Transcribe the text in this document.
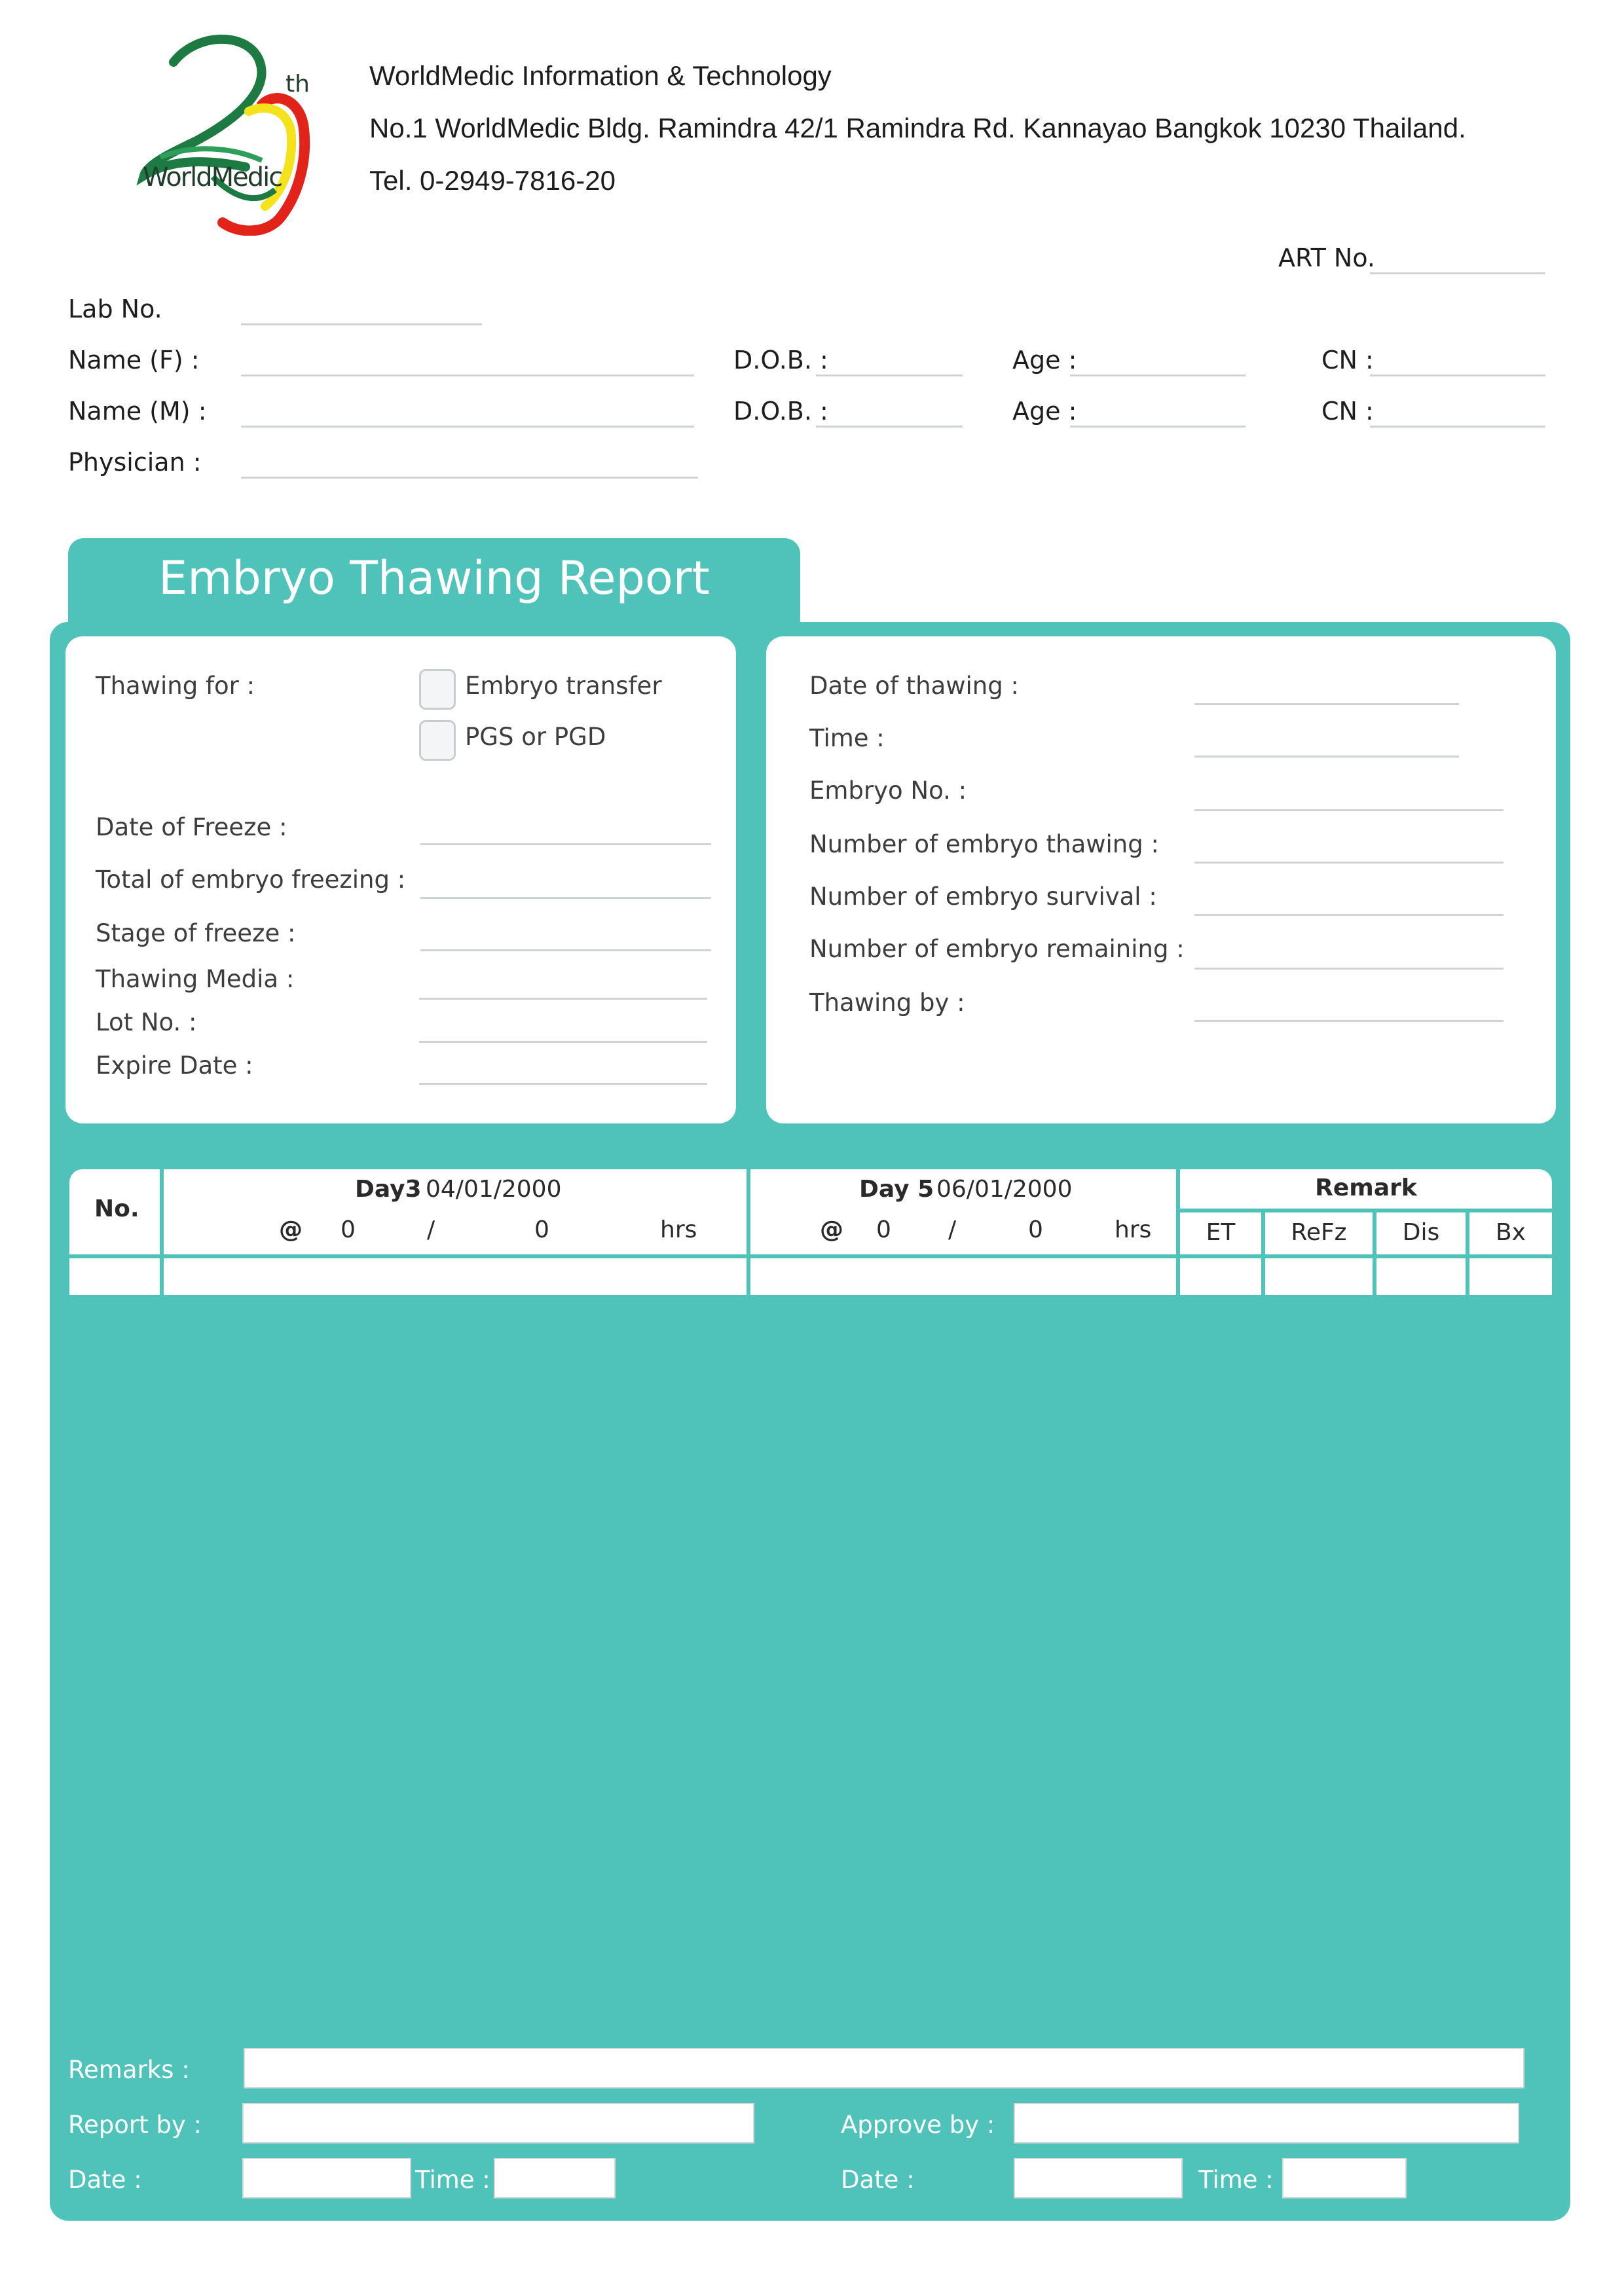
WorldMedic
th WorldMedic Information & Technology
No.1 WorldMedic Bldg. Ramindra 42/1 Ramindra Rd. Kannayao Bangkok 10230 Thailand.
Tel. 0-2949-7816-20
ART No.
Lab No.
Name (F) :	D.O.B. :	Age :	CN :
Name (M) :	D.O.B. :	Age :	CN :
Physician :
Embryo Thawing Report
Thawing for :	Embryo transfer
PGS or PGD
Date of Freeze :
Total of embryo freezing :
Stage of freeze :
Thawing Media :
Lot No. :
Expire Date :
Date of thawing :
Time :
Embryo No. :
Number of embryo thawing :
Number of embryo survival :
Number of embryo remaining :
Thawing by :
No.
Day3 04/01/2000
@ 0	/	0	hrs
Day 5 06/01/2000
@ 0 /	0	hrs
Remark
ET	ReFz	Dis	Bx
Remarks :
Report by :	Approve by :
Date :	Time :	Date :	Time :
